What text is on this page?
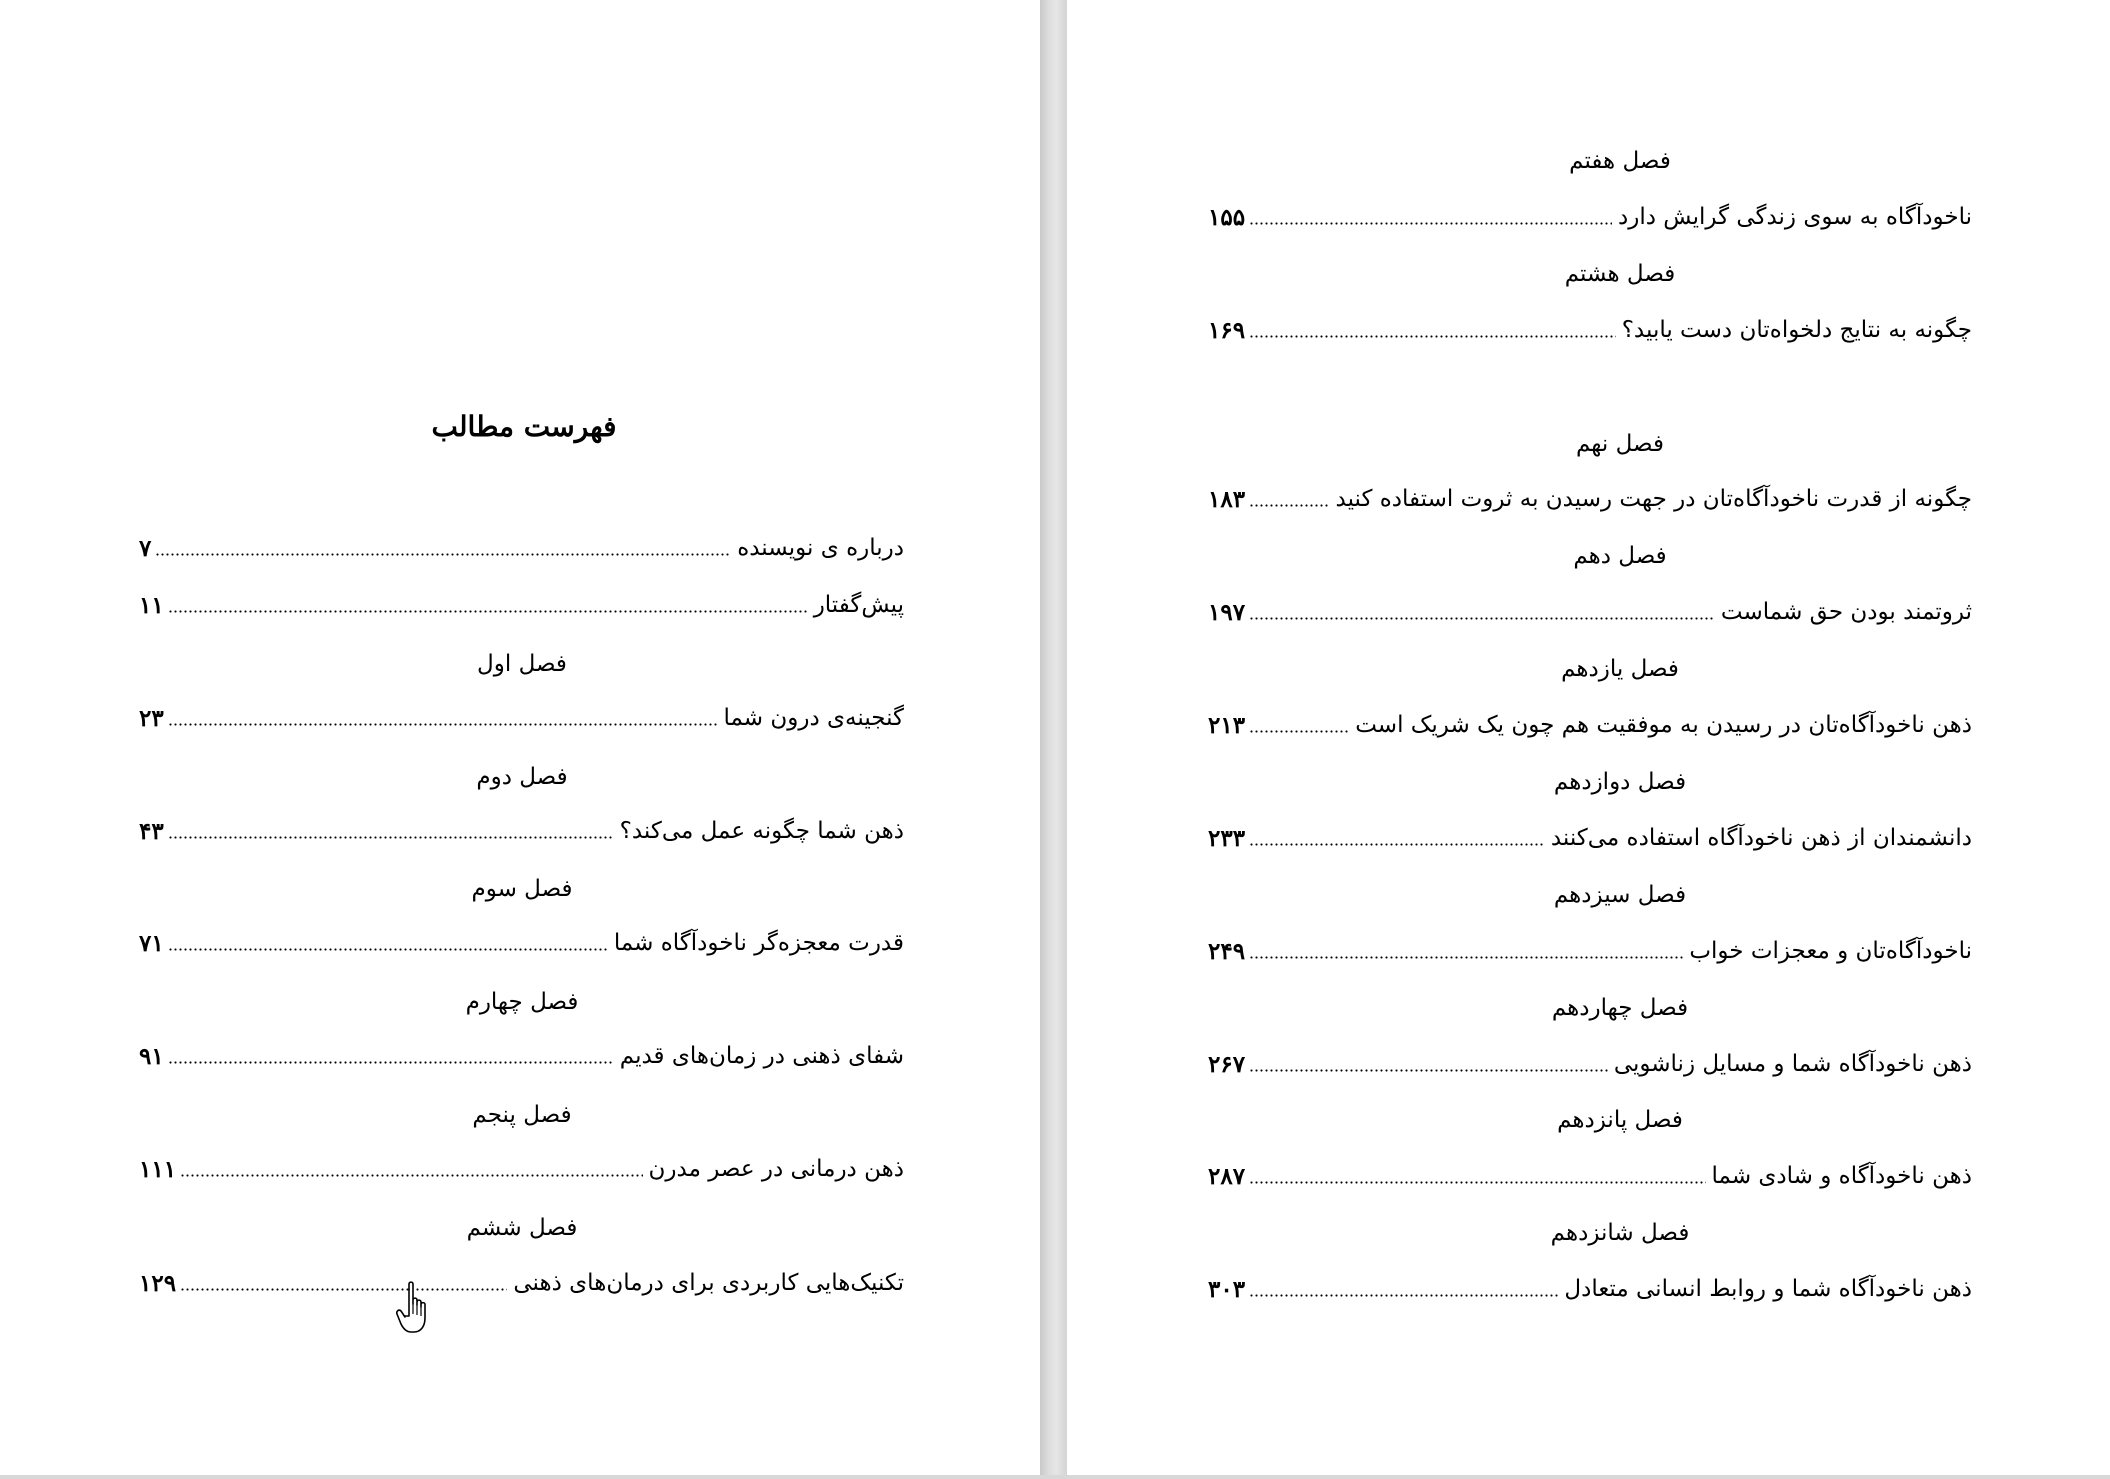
فهرست مطالب
درباره ی نویسنده
۷
پیش‌گفتار
۱۱
فصل اول
گنجینه‌ی درون شما
۲۳
فصل دوم
ذهن شما چگونه عمل می‌کند؟
۴۳
فصل سوم
قدرت معجزه‌گر ناخودآگاه شما
۷۱
فصل چهارم
شفای ذهنی در زمان‌های قدیم
۹۱
فصل پنجم
ذهن درمانی در عصر مدرن
۱۱۱
فصل ششم
تکنیک‌هایی کاربردی برای درمان‌های ذهنی
۱۲۹
فصل هفتم
ناخودآگاه به سوی زندگی گرایش دارد
۱۵۵
فصل هشتم
چگونه به نتایج دلخواه‌تان دست یابید؟
۱۶۹
فصل نهم
چگونه از قدرت ناخودآگاه‌تان در جهت رسیدن به ثروت استفاده کنید
۱۸۳
فصل دهم
ثروتمند بودن حق شماست
۱۹۷
فصل یازدهم
ذهن ناخودآگاه‌تان در رسیدن به موفقیت هم چون یک شریک است
۲۱۳
فصل دوازدهم
دانشمندان از ذهن ناخودآگاه استفاده می‌کنند
۲۳۳
فصل سیزدهم
ناخودآگاه‌تان و معجزات خواب
۲۴۹
فصل چهاردهم
ذهن ناخودآگاه شما و مسایل زناشویی
۲۶۷
فصل پانزدهم
ذهن ناخودآگاه و شادی شما
۲۸۷
فصل شانزدهم
ذهن ناخودآگاه شما و روابط انسانی متعادل
۳۰۳
